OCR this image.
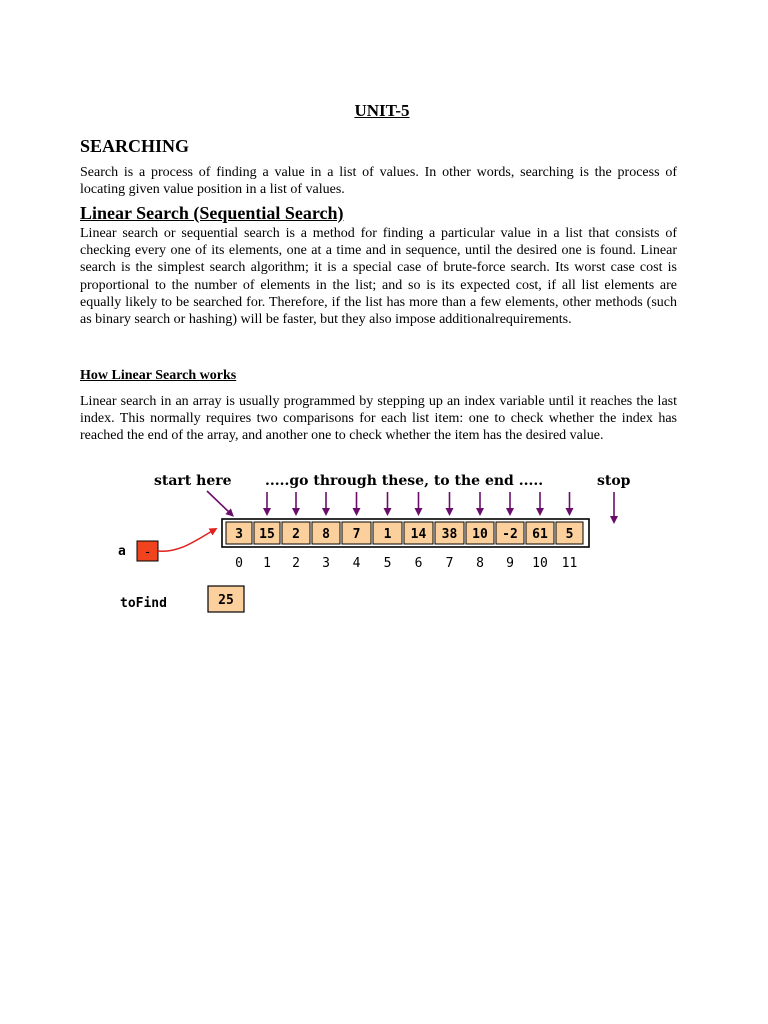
UNIT-5
SEARCHING

Search is a process of finding a value in a list of values. In other words, searching is the process of locating given value position in a list of values.

Linear Search (Sequential Search)

Linear search or sequential search is a method for finding a particular value in a list that consists of checking every one of its elements, one at a time and in sequence, until the desired one is found. Linear search is the simplest search algorithm; it is a special case of brute-force search. Its worst case cost is proportional to the number of elements in the list; and so is its expected cost, if all list elements are equally likely to be searched for. Therefore, if the list has more than a few elements, other methods (such as binary search or hashing) will be faster, but they also impose additionalrequirements.

How Linear Search works

Linear search in an array is usually programmed by stepping up an index variable until it reaches the last index. This normally requires two comparisons for each list item: one to check whether the index has reached the end of the array, and another one to check whether the item has the desired value.

start here .....go through these, to the end .....	stop
3 15 2 8 7 1 14 38 10 -2 61 5
0 1 2 3 4 5 6 7 8 9 10 11
a -
toFind	25
